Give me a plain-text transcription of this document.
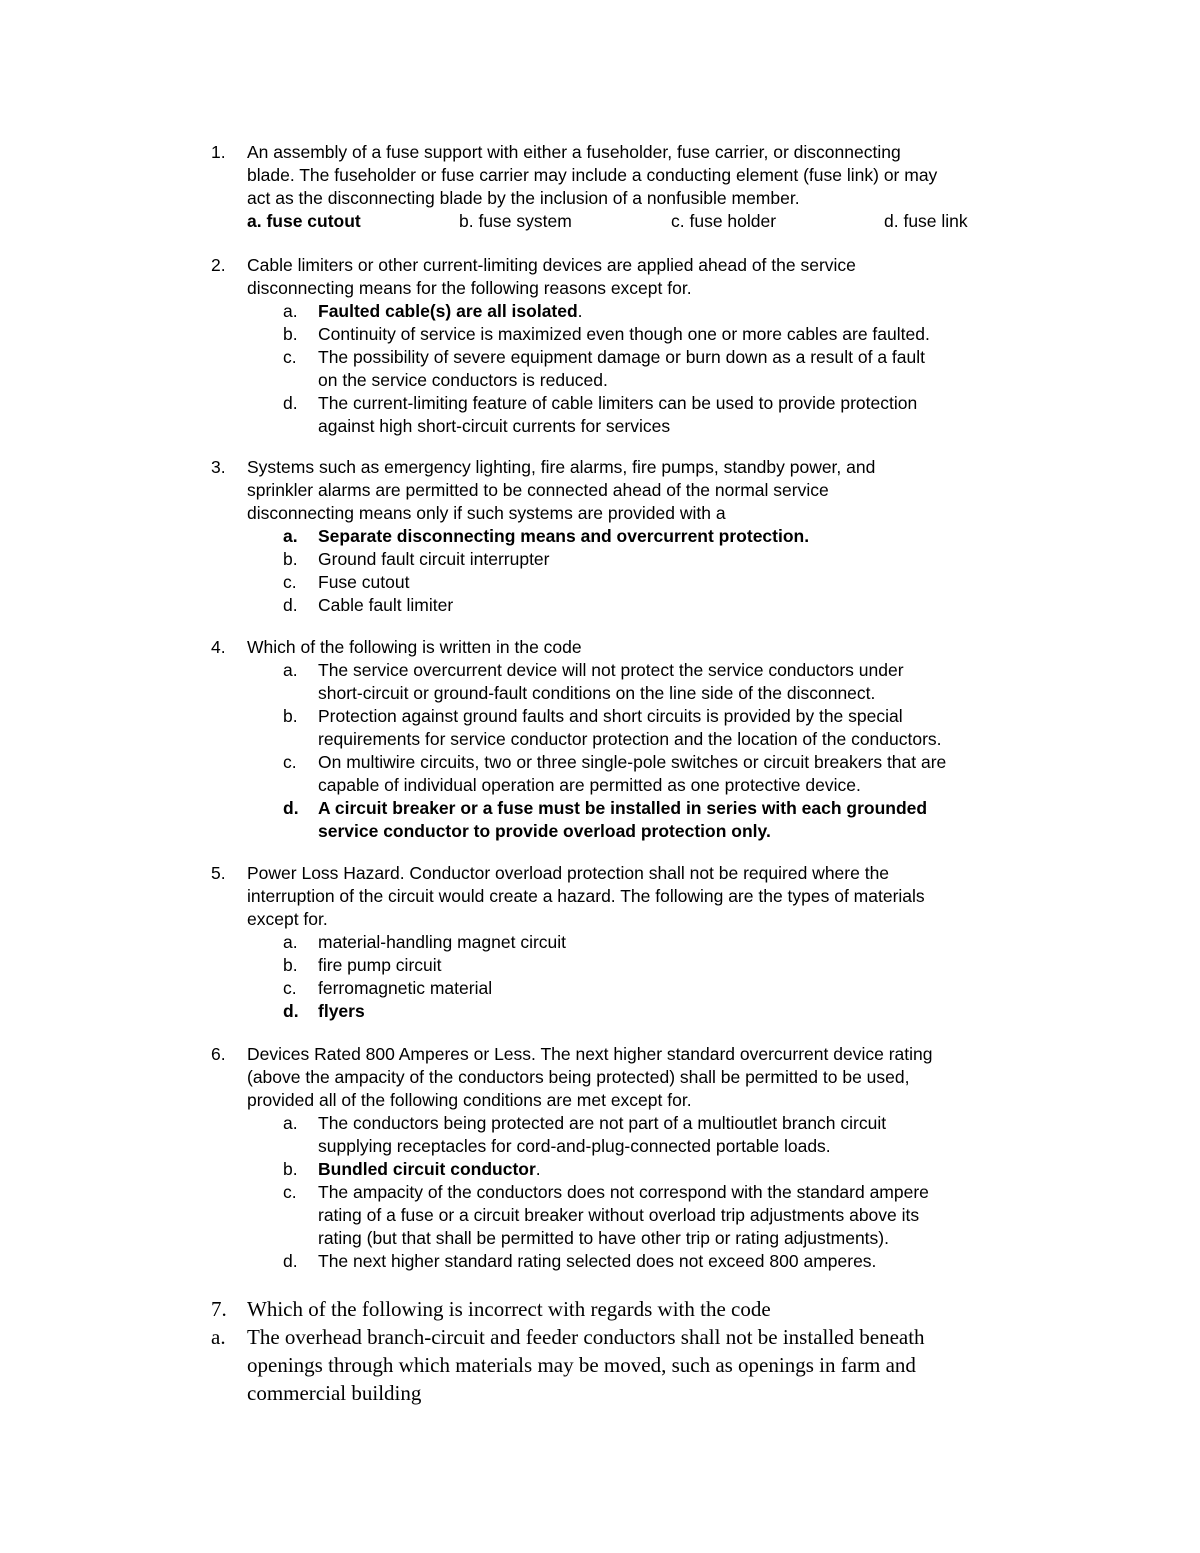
1. An assembly of a fuse support with either a fuseholder, fuse carrier, or disconnecting
blade. The fuseholder or fuse carrier may include a conducting element (fuse link) or may
act as the disconnecting blade by the inclusion of a nonfusible member.
a. fuse cutout	b. fuse system	c. fuse holder	d. fuse link
2. Cable limiters or other current-limiting devices are applied ahead of the service
disconnecting means for the following reasons except for.
a. Faulted cable(s) are all isolated.
b. Continuity of service is maximized even though one or more cables are faulted.
c. The possibility of severe equipment damage or burn down as a result of a fault
on the service conductors is reduced.
d. The current-limiting feature of cable limiters can be used to provide protection
against high short-circuit currents for services
3. Systems such as emergency lighting, fire alarms, fire pumps, standby power, and
sprinkler alarms are permitted to be connected ahead of the normal service
disconnecting means only if such systems are provided with a
a. Separate disconnecting means and overcurrent protection.
b. Ground fault circuit interrupter
c. Fuse cutout
d. Cable fault limiter
4. Which of the following is written in the code
a. The service overcurrent device will not protect the service conductors under
short-circuit or ground-fault conditions on the line side of the disconnect.
b. Protection against ground faults and short circuits is provided by the special
requirements for service conductor protection and the location of the conductors.
c. On multiwire circuits, two or three single-pole switches or circuit breakers that are
capable of individual operation are permitted as one protective device.
d. A circuit breaker or a fuse must be installed in series with each grounded
service conductor to provide overload protection only.
5. Power Loss Hazard. Conductor overload protection shall not be required where the
interruption of the circuit would create a hazard. The following are the types of materials
except for.
a. material-handling magnet circuit
b. fire pump circuit
c. ferromagnetic material
d. flyers
6. Devices Rated 800 Amperes or Less. The next higher standard overcurrent device rating
(above the ampacity of the conductors being protected) shall be permitted to be used,
provided all of the following conditions are met except for.
a. The conductors being protected are not part of a multioutlet branch circuit
supplying receptacles for cord-and-plug-connected portable loads.
b. Bundled circuit conductor.
c. The ampacity of the conductors does not correspond with the standard ampere
rating of a fuse or a circuit breaker without overload trip adjustments above its
rating (but that shall be permitted to have other trip or rating adjustments).
d. The next higher standard rating selected does not exceed 800 amperes.
7. Which of the following is incorrect with regards with the code
a. The overhead branch-circuit and feeder conductors shall not be installed beneath
openings through which materials may be moved, such as openings in farm and
commercial building
